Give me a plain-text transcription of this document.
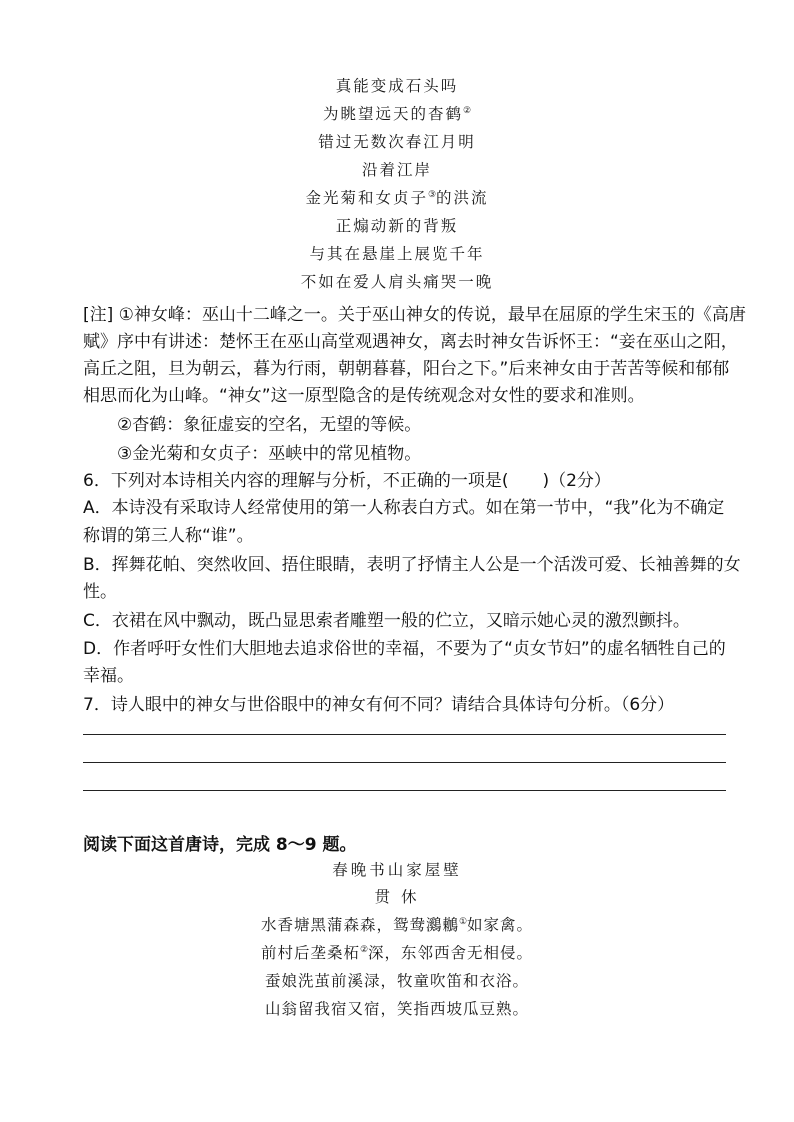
真能变成石头吗
为眺望远天的杳鹤②
错过无数次春江月明
沿着江岸
金光菊和女贞子③的洪流
正煽动新的背叛
与其在悬崖上展览千年
不如在爱人肩头痛哭一晚
[注] ①神女峰：巫山十二峰之一。关于巫山神女的传说，最早在屈原的学生宋玉的《高唐
赋》序中有讲述：楚怀王在巫山高堂观遇神女，离去时神女告诉怀王：“妾在巫山之阳，
高丘之阻，旦为朝云，暮为行雨，朝朝暮暮，阳台之下。”后来神女由于苦苦等候和郁郁
相思而化为山峰。“神女”这一原型隐含的是传统观念对女性的要求和准则。
②杳鹤：象征虚妄的空名，无望的等候。
③金光菊和女贞子：巫峡中的常见植物。
6．下列对本诗相关内容的理解与分析，不正确的一项是(　　)（2分）
A．本诗没有采取诗人经常使用的第一人称表白方式。如在第一节中，“我”化为不确定
称谓的第三人称“谁”。
B．挥舞花帕、突然收回、捂住眼睛，表明了抒情主人公是一个活泼可爱、长袖善舞的女
性。
C．衣裙在风中飘动，既凸显思索者雕塑一般的伫立，又暗示她心灵的激烈颤抖。
D．作者呼吁女性们大胆地去追求俗世的幸福，不要为了“贞女节妇”的虚名牺牲自己的
幸福。
7．诗人眼中的神女与世俗眼中的神女有何不同？请结合具体诗句分析。（6分）
阅读下面这首唐诗，完成 8～9 题。
春晚书山家屋壁
贯 休
水香塘黑蒲森森，鸳鸯鸂鶒①如家禽。
前村后垄桑柘②深，东邻西舍无相侵。
蚕娘洗茧前溪渌，牧童吹笛和衣浴。
山翁留我宿又宿，笑指西坡瓜豆熟。
